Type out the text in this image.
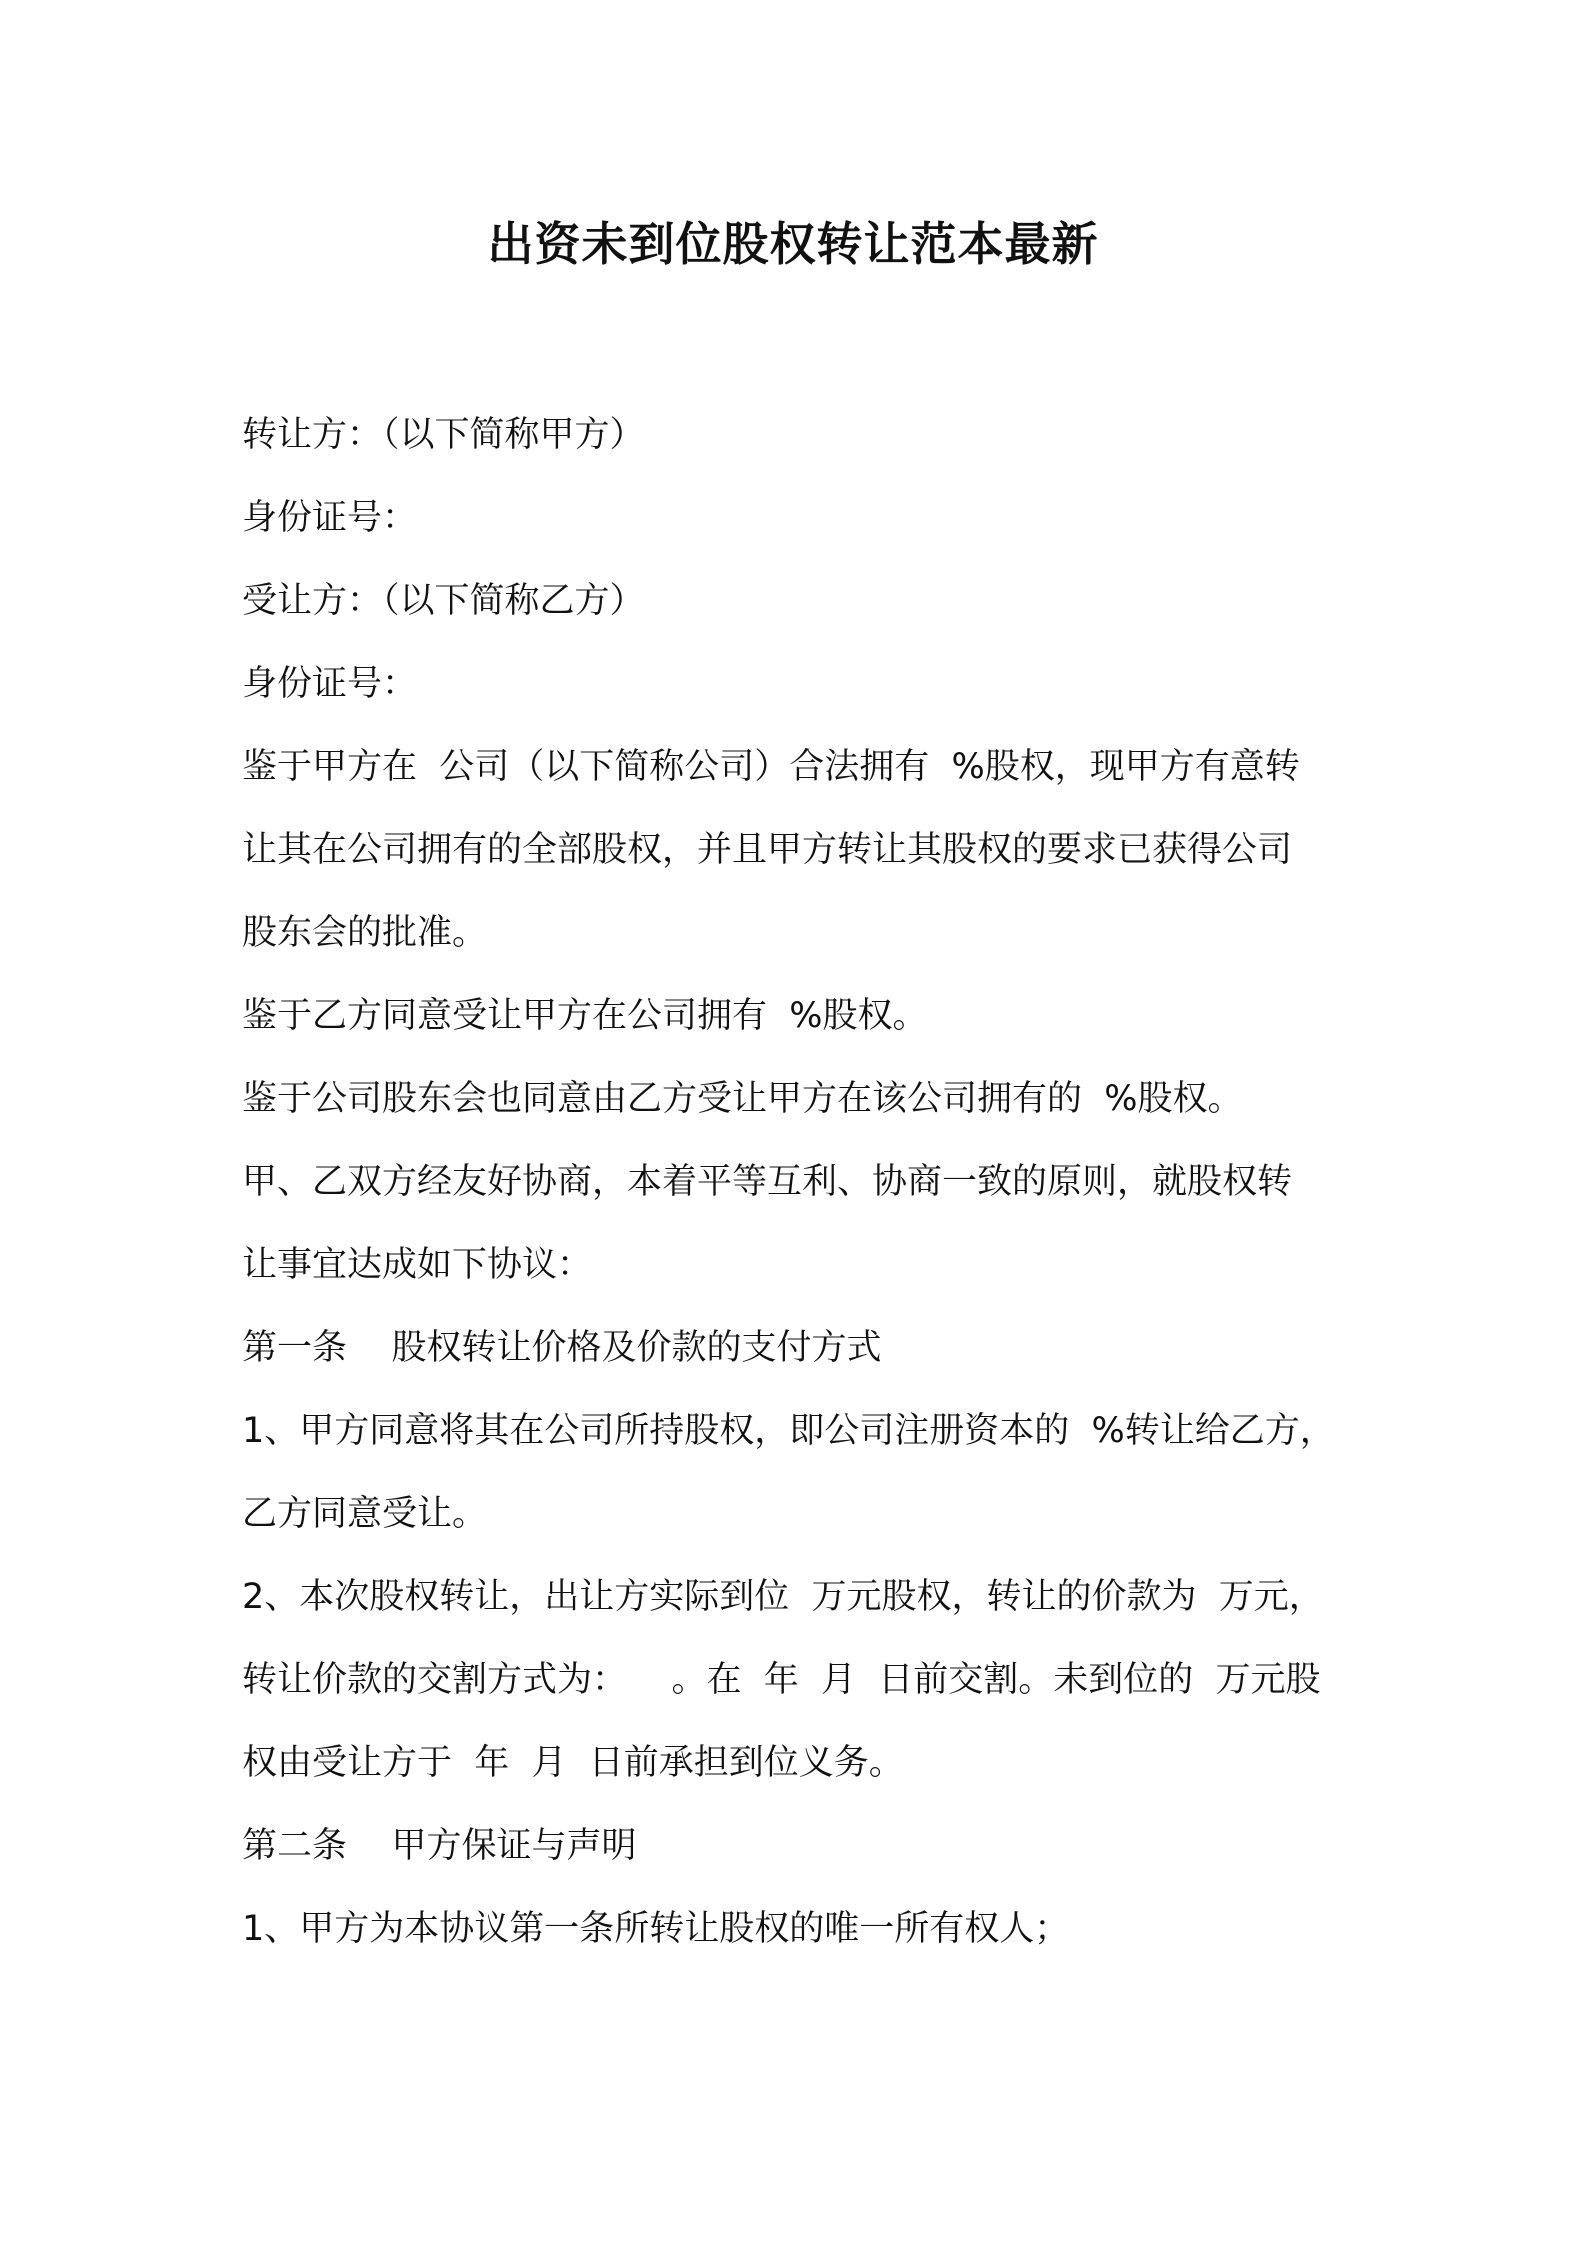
出资未到位股权转让范本最新

转让方：（以下简称甲方）

身份证号：

受让方：（以下简称乙方）

身份证号：

鉴于甲方在  公司（以下简称公司）合法拥有  %股权，现甲方有意转

让其在公司拥有的全部股权，并且甲方转让其股权的要求已获得公司

股东会的批准。

鉴于乙方同意受让甲方在公司拥有  %股权。

鉴于公司股东会也同意由乙方受让甲方在该公司拥有的  %股权。

甲、乙双方经友好协商，本着平等互利、协商一致的原则，就股权转

让事宜达成如下协议：

第一条    股权转让价格及价款的支付方式

1、甲方同意将其在公司所持股权，即公司注册资本的  %转让给乙方，

乙方同意受让。

2、本次股权转让，出让方实际到位  万元股权，转让的价款为  万元，

转让价款的交割方式为：    。在  年  月  日前交割。未到位的  万元股

权由受让方于  年  月  日前承担到位义务。

第二条    甲方保证与声明

1、甲方为本协议第一条所转让股权的唯一所有权人；
